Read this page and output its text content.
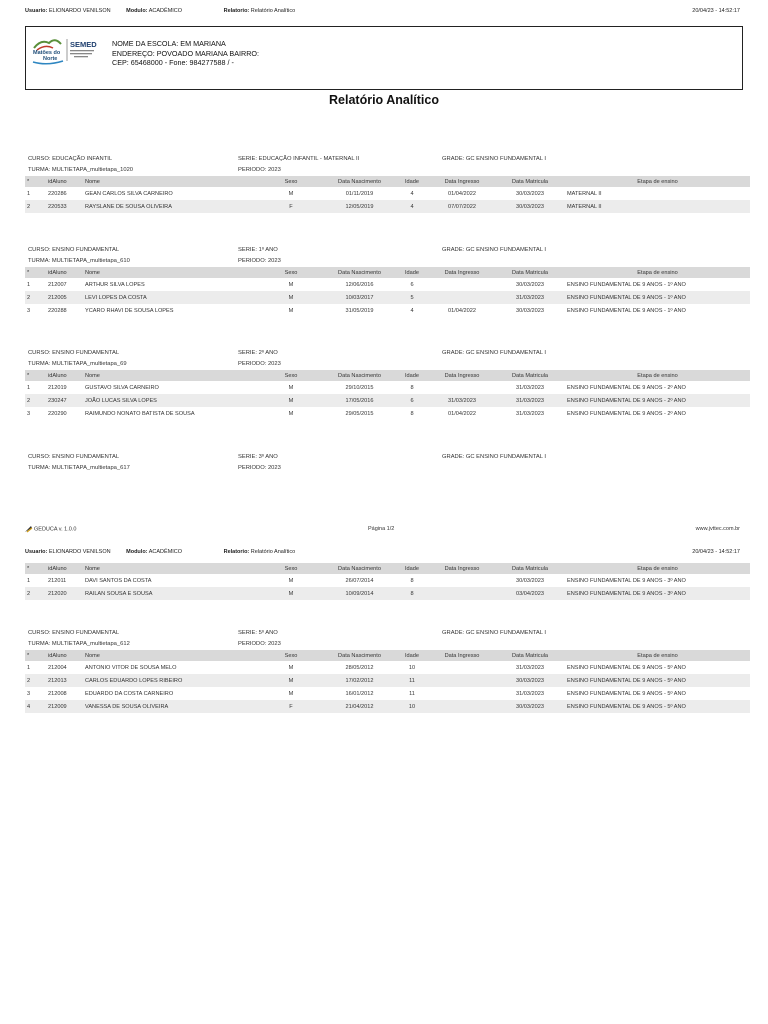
Usuario: ELIONARDO VENILSON	Modulo: ACADÊMICO	Relatorio: Relatório Analítico	20/04/23 - 14:52:17
Matões do
Norte
SEMED NOME DA ESCOLA: EM MARIANA
ENDEREÇO: POVOADO MARIANA BAIRRO:
CEP: 65468000 - Fone: 984277588 / -
Relatório Analítico
CURSO: EDUCAÇÃO INFANTIL	SERIE: EDUCAÇÃO INFANTIL - MATERNAL II	GRADE: GC ENSINO FUNDAMENTAL I
TURMA: MULTIETAPA_multietapa_1020	PERIODO: 2023
*	idAluno	Nome	Sexo	Data Nascimento	Idade	Data Ingresso	Data Matricula	Etapa de ensino
1	220286	GEAN CARLOS SILVA CARNEIRO	M	01/11/2019	4	01/04/2022	30/03/2023	MATERNAL II
2	220533	RAYSLANE DE SOUSA OLIVEIRA	F	12/05/2019	4	07/07/2022	30/03/2023	MATERNAL II
CURSO: ENSINO FUNDAMENTAL	SERIE: 1º ANO	GRADE: GC ENSINO FUNDAMENTAL I
TURMA: MULTIETAPA_multietapa_610	PERIODO: 2023
*	idAluno	Nome	Sexo	Data Nascimento	Idade	Data Ingresso	Data Matricula	Etapa de ensino
1	212007	ARTHUR SILVA LOPES	M	12/06/2016	6		30/03/2023	ENSINO FUNDAMENTAL DE 9 ANOS - 1º ANO
2	212005	LEVI LOPES DA COSTA	M	10/03/2017	5		31/03/2023	ENSINO FUNDAMENTAL DE 9 ANOS - 1º ANO
3	220288	YCARO RHAVI DE SOUSA LOPES	M	31/05/2019	4	01/04/2022	30/03/2023	ENSINO FUNDAMENTAL DE 9 ANOS - 1º ANO
CURSO: ENSINO FUNDAMENTAL	SERIE: 2º ANO	GRADE: GC ENSINO FUNDAMENTAL I
TURMA: MULTIETAPA_multietapa_69	PERIODO: 2023
*	idAluno	Nome	Sexo	Data Nascimento	Idade	Data Ingresso	Data Matricula	Etapa de ensino
1	212019	GUSTAVO SILVA CARNEIRO	M	29/10/2015	8		31/03/2023	ENSINO FUNDAMENTAL DE 9 ANOS - 2º ANO
2	230247	JOÃO LUCAS SILVA LOPES	M	17/05/2016	6	31/03/2023	31/03/2023	ENSINO FUNDAMENTAL DE 9 ANOS - 2º ANO
3	220290	RAIMUNDO NONATO BATISTA DE SOUSA	M	29/05/2015	8	01/04/2022	31/03/2023	ENSINO FUNDAMENTAL DE 9 ANOS - 2º ANO
CURSO: ENSINO FUNDAMENTAL	SERIE: 3º ANO	GRADE: GC ENSINO FUNDAMENTAL I
TURMA: MULTIETAPA_multietapa_617	PERIODO: 2023
GEDUCA v. 1.0.0	Página 1/2	www.jvttec.com.br
Usuario: ELIONARDO VENILSON	Modulo: ACADÊMICO	Relatorio: Relatório Analítico	20/04/23 - 14:52:17
*	idAluno	Nome	Sexo	Data Nascimento	Idade	Data Ingresso	Data Matricula	Etapa de ensino
1	212011	DAVI SANTOS DA COSTA	M	26/07/2014	8		30/03/2023	ENSINO FUNDAMENTAL DE 9 ANOS - 3º ANO
2	212020	RAILAN SOUSA E SOUSA	M	10/09/2014	8		03/04/2023	ENSINO FUNDAMENTAL DE 9 ANOS - 3º ANO
CURSO: ENSINO FUNDAMENTAL	SERIE: 5º ANO	GRADE: GC ENSINO FUNDAMENTAL I
TURMA: MULTIETAPA_multietapa_612	PERIODO: 2023
*	idAluno	Nome	Sexo	Data Nascimento	Idade	Data Ingresso	Data Matricula	Etapa de ensino
1	212004	ANTONIO VITOR DE SOUSA MELO	M	28/05/2012	10		31/03/2023	ENSINO FUNDAMENTAL DE 9 ANOS - 5º ANO
2	212013	CARLOS EDUARDO LOPES RIBEIRO	M	17/02/2012	11		30/03/2023	ENSINO FUNDAMENTAL DE 9 ANOS - 5º ANO
3	212008	EDUARDO DA COSTA CARNEIRO	M	16/01/2012	11		31/03/2023	ENSINO FUNDAMENTAL DE 9 ANOS - 5º ANO
4	212009	VANESSA DE SOUSA OLIVEIRA	F	21/04/2012	10		30/03/2023	ENSINO FUNDAMENTAL DE 9 ANOS - 5º ANO
